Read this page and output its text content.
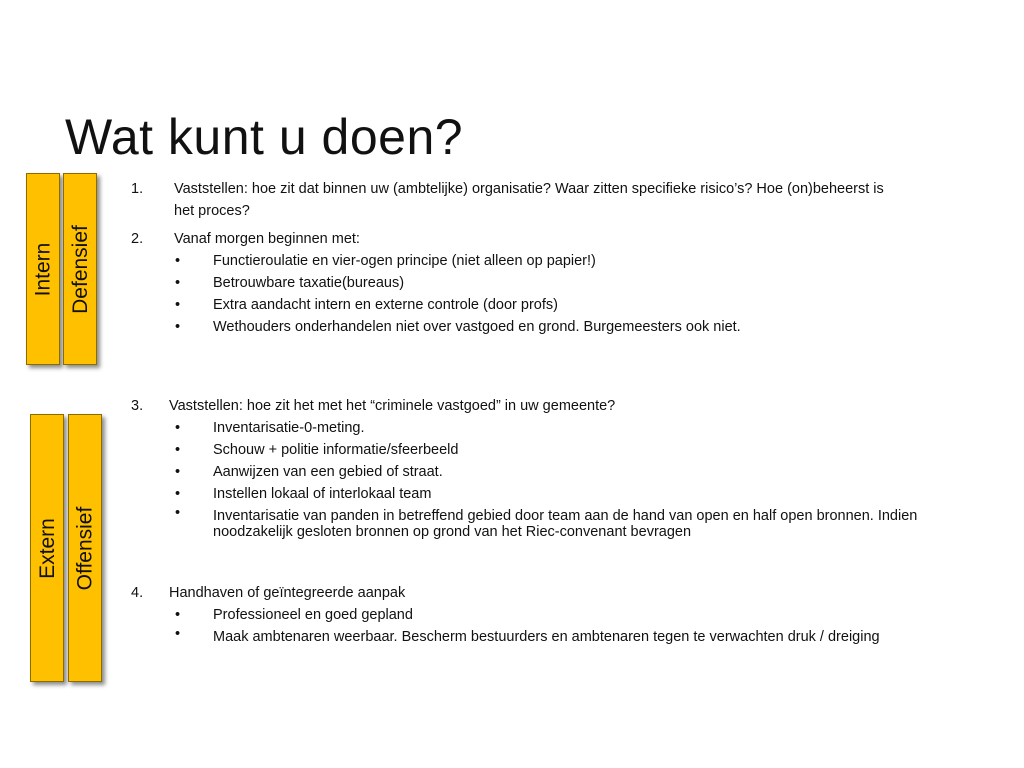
Wat kunt u doen?
Intern Defensief
Extern Offensief
1. Vaststellen: hoe zit dat binnen uw (ambtelijke) organisatie? Waar zitten specifieke risico’s? Hoe (on)beheerst is het proces?
2. Vanaf morgen beginnen met:
• Functieroulatie en vier-ogen principe (niet alleen op papier!)
• Betrouwbare taxatie(bureaus)
• Extra aandacht intern en externe controle (door profs)
• Wethouders onderhandelen niet over vastgoed en grond. Burgemeesters ook niet.
3. Vaststellen: hoe zit het met het “criminele vastgoed” in uw gemeente?
• Inventarisatie-0-meting.
• Schouw + politie informatie/sfeerbeeld
• Aanwijzen van een gebied of straat.
• Instellen lokaal of interlokaal team
• Inventarisatie van panden in betreffend gebied door team aan de hand van open en half open bronnen. Indien noodzakelijk gesloten bronnen op grond van het Riec-convenant bevragen
4. Handhaven of geïntegreerde aanpak
• Professioneel en goed gepland
• Maak ambtenaren weerbaar. Bescherm bestuurders en ambtenaren tegen te verwachten druk / dreiging
